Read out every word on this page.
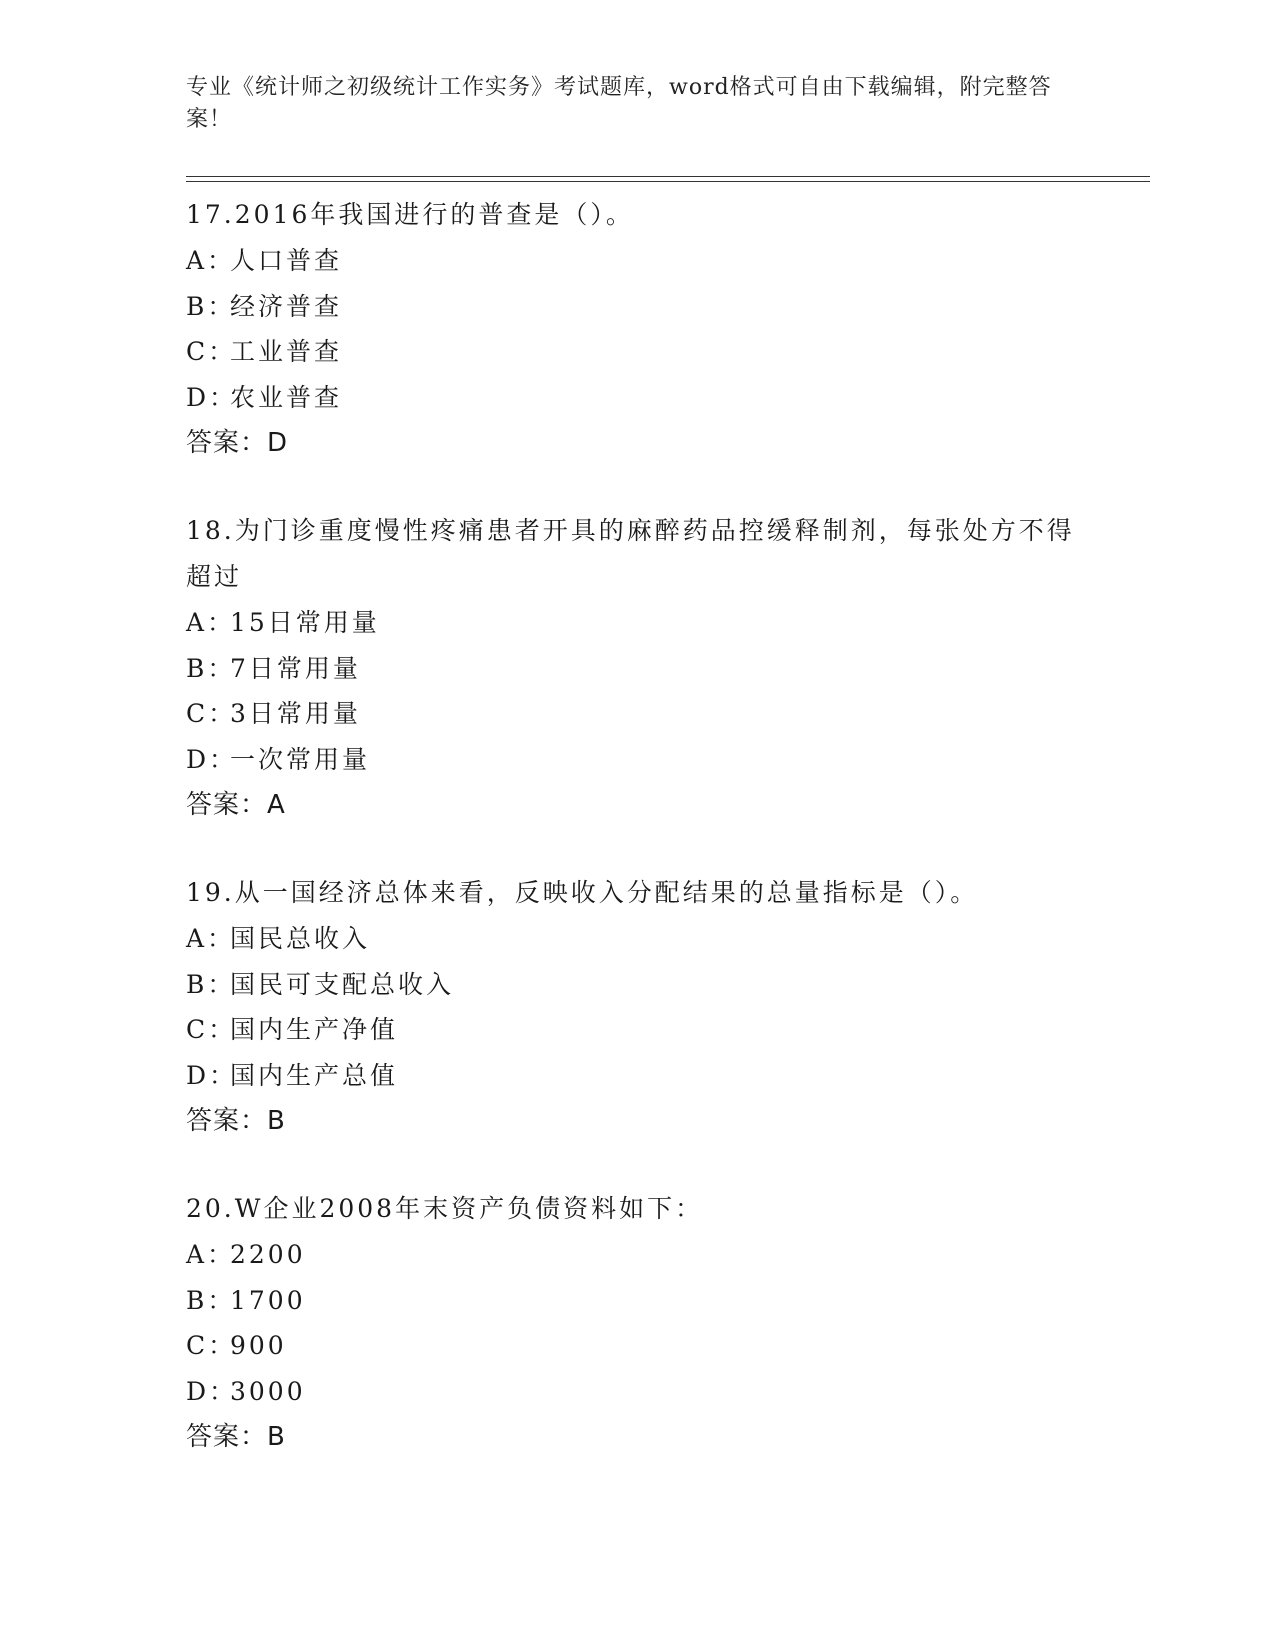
专业《统计师之初级统计工作实务》考试题库，word格式可自由下载编辑，附完整答案！

17.2016年我国进行的普查是（）。

A：
人口普查

B：
经济普查

C：
工业普查

D：
农业普查

答案：D

18.为门诊重度慢性疼痛患者开具的麻醉药品控缓释制剂，每张处方不得超过

A：
15日常用量

B：
7日常用量

C：
3日常用量

D：
一次常用量

答案：A

19.从一国经济总体来看，反映收入分配结果的总量指标是（）。

A：
国民总收入

B：
国民可支配总收入

C：
国内生产净值

D：
国内生产总值

答案：B

20.W企业2008年末资产负债资料如下：

A：
2200

B：
1700

C：
900

D：
3000

答案：B
